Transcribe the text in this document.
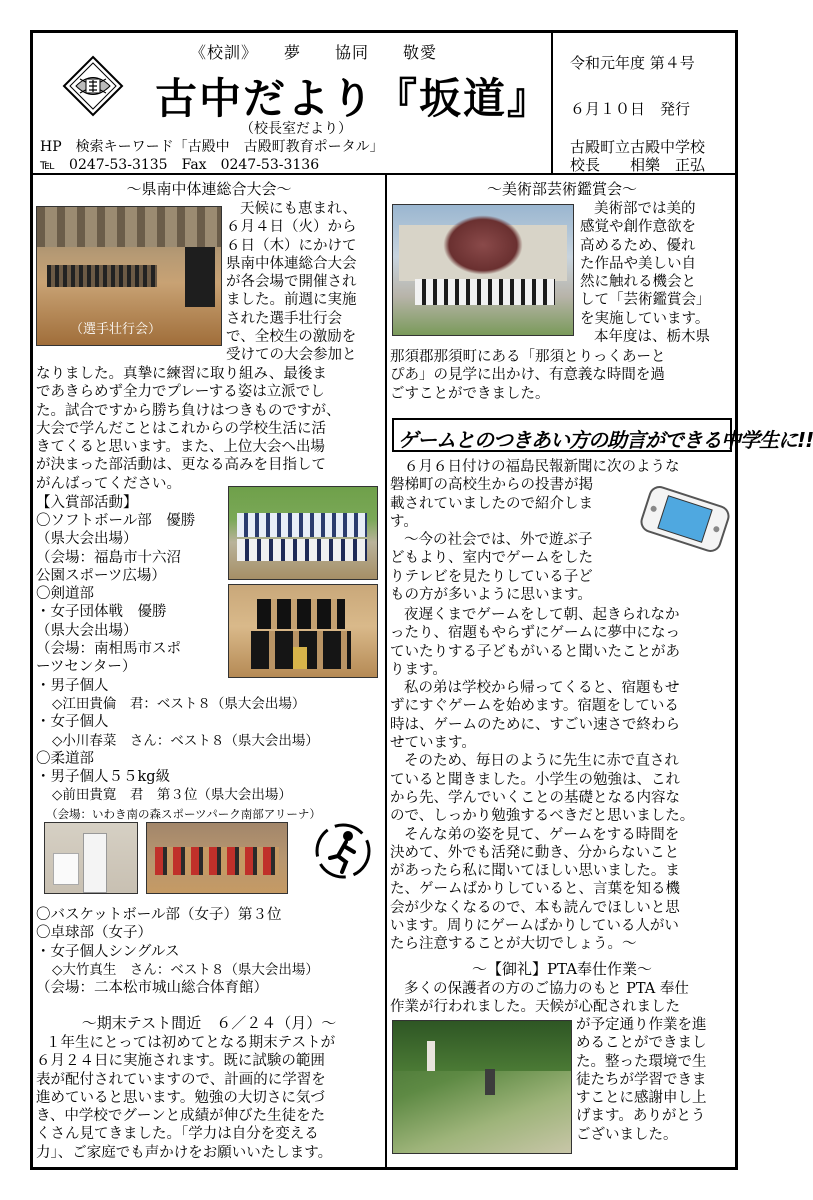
《校訓》　　夢　　協同　　敬愛
古中だより『坂道』
（校長室だより）
HP　検索キーワード「古殿中　古殿町教育ポータル」
℡　0247-53-3135　Fax　0247-53-3136
令和元年度 第４号
６月１０日　発行
古殿町立古殿中学校
校長　　相樂　正弘
〜県南中体連総合大会〜
（選手壮行会）

天候にも恵まれ、

６月４日（火）から

６日（木）にかけて

県南中体連総合大会

が各会場で開催され

ました。前週に実施

された選手壮行会

で、全校生の激励を

受けての大会参加と

なりました。真摯に練習に取り組み、最後ま

であきらめず全力でプレーする姿は立派でし

た。試合ですから勝ち負けはつきものですが、

大会で学んだことはこれからの学校生活に活

きてくると思います。また、上位大会へ出場

が決まった部活動は、更なる高みを目指して

がんばってください。

【入賞部活動】

〇ソフトボール部　優勝

（県大会出場）

（会場：福島市十六沼

公園スポーツ広場）

〇剣道部

・女子団体戦　優勝

（県大会出場）

（会場：南相馬市スポ

ーツセンター）

・男子個人

◇江田貴倫　君：ベスト８（県大会出場）

・女子個人

◇小川春菜　さん：ベスト８（県大会出場）

〇柔道部

・男子個人５５kg級

◇前田貴寛　君　第３位（県大会出場）

（会場：いわき南の森スポーツパーク南部アリーナ）

〇バスケットボール部（女子）第３位

〇卓球部（女子）

・女子個人シングルス

◇大竹真生　さん：ベスト８（県大会出場）

（会場：二本松市城山総合体育館）

〜期末テスト間近　６／２４（月）〜

１年生にとっては初めてとなる期末テストが

６月２４日に実施されます。既に試験の範囲

表が配付されていますので、計画的に学習を

進めていると思います。勉強の大切さに気づ

き、中学校でグーンと成績が伸びた生徒をた

くさん見てきました。「学力は自分を変える

力」、ご家庭でも声かけをお願いいたします。

〜美術部芸術鑑賞会〜

美術部では美的

感覚や創作意欲を

高めるため、優れ

た作品や美しい自

然に触れる機会と

して「芸術鑑賞会」

を実施しています。

本年度は、栃木県

那須郡那須町にある「那須とりっくあーと

ぴあ」の見学に出かけ、有意義な時間を過

ごすことができました。

ゲームとのつきあい方の助言ができる中学生に!!

６月６日付けの福島民報新聞に次のような

磐梯町の高校生からの投書が掲

載されていましたので紹介しま

す。

〜今の社会では、外で遊ぶ子

どもより、室内でゲームをした

りテレビを見たりしている子ど

もの方が多いように思います。

夜遅くまでゲームをして朝、起きられなか

ったり、宿題もやらずにゲームに夢中になっ

ていたりする子どもがいると聞いたことがあ

ります。

私の弟は学校から帰ってくると、宿題もせ

ずにすぐゲームを始めます。宿題をしている

時は、ゲームのために、すごい速さで終わら

せています。

そのため、毎日のように先生に赤で直され

ていると聞きました。小学生の勉強は、これ

から先、学んでいくことの基礎となる内容な

ので、しっかり勉強するべきだと思いました。

そんな弟の姿を見て、ゲームをする時間を

決めて、外でも活発に動き、分からないこと

があったら私に聞いてほしい思いました。ま

た、ゲームばかりしていると、言葉を知る機

会が少なくなるので、本も読んでほしいと思

います。周りにゲームばかりしている人がい

たら注意することが大切でしょう。〜

〜【御礼】PTA奉仕作業〜

多くの保護者の方のご協力のもと PTA 奉仕

作業が行われました。天候が心配されました

が予定通り作業を進

めることができまし

た。整った環境で生

徒たちが学習できま

すことに感謝申し上

げます。ありがとう

ございました。
